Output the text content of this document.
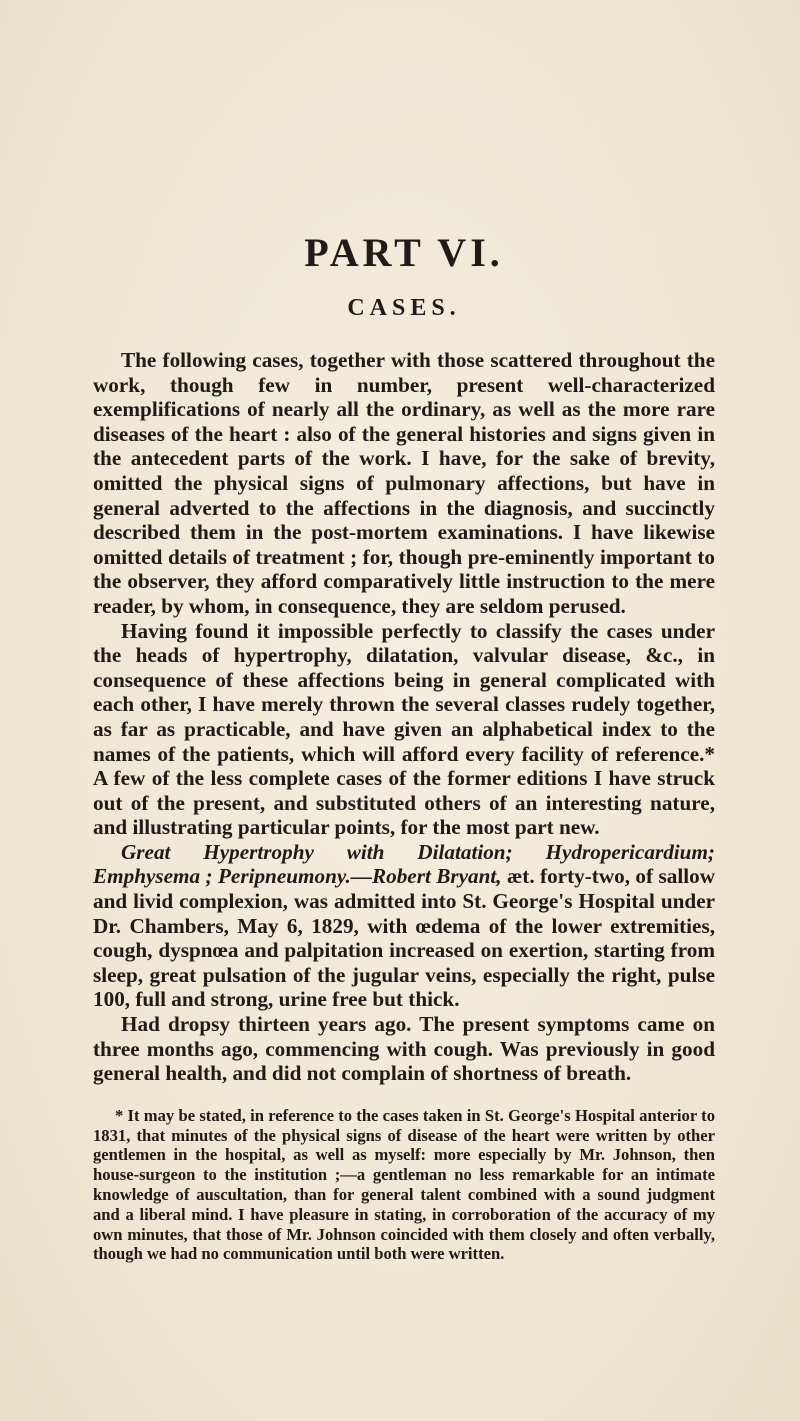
PART VI.
CASES.

The following cases, together with those scattered throughout the work, though few in number, present well-characterized exemplifications of nearly all the ordinary, as well as the more rare diseases of the heart : also of the general histories and signs given in the antecedent parts of the work. I have, for the sake of brevity, omitted the physical signs of pulmonary affections, but have in general adverted to the affections in the diagnosis, and succinctly described them in the post-mortem examinations. I have likewise omitted details of treatment ; for, though pre-eminently important to the observer, they afford comparatively little instruction to the mere reader, by whom, in consequence, they are seldom perused.

Having found it impossible perfectly to classify the cases under the heads of hypertrophy, dilatation, valvular disease, &c., in consequence of these affections being in general complicated with each other, I have merely thrown the several classes rudely together, as far as practicable, and have given an alphabetical index to the names of the patients, which will afford every facility of reference.* A few of the less complete cases of the former editions I have struck out of the present, and substituted others of an interesting nature, and illustrating particular points, for the most part new.

Great Hypertrophy with Dilatation; Hydropericardium; Emphysema ; Peripneumony.—Robert Bryant, æt. forty-two, of sallow and livid complexion, was admitted into St. George's Hospital under Dr. Chambers, May 6, 1829, with œdema of the lower extremities, cough, dyspnœa and palpitation increased on exertion, starting from sleep, great pulsation of the jugular veins, especially the right, pulse 100, full and strong, urine free but thick.

Had dropsy thirteen years ago. The present symptoms came on three months ago, commencing with cough. Was previously in good general health, and did not complain of shortness of breath.

* It may be stated, in reference to the cases taken in St. George's Hospital anterior to 1831, that minutes of the physical signs of disease of the heart were written by other gentlemen in the hospital, as well as myself: more especially by Mr. Johnson, then house-surgeon to the institution ;—a gentleman no less remarkable for an intimate knowledge of auscultation, than for general talent combined with a sound judgment and a liberal mind. I have pleasure in stating, in corroboration of the accuracy of my own minutes, that those of Mr. Johnson coincided with them closely and often verbally, though we had no communication until both were written.
